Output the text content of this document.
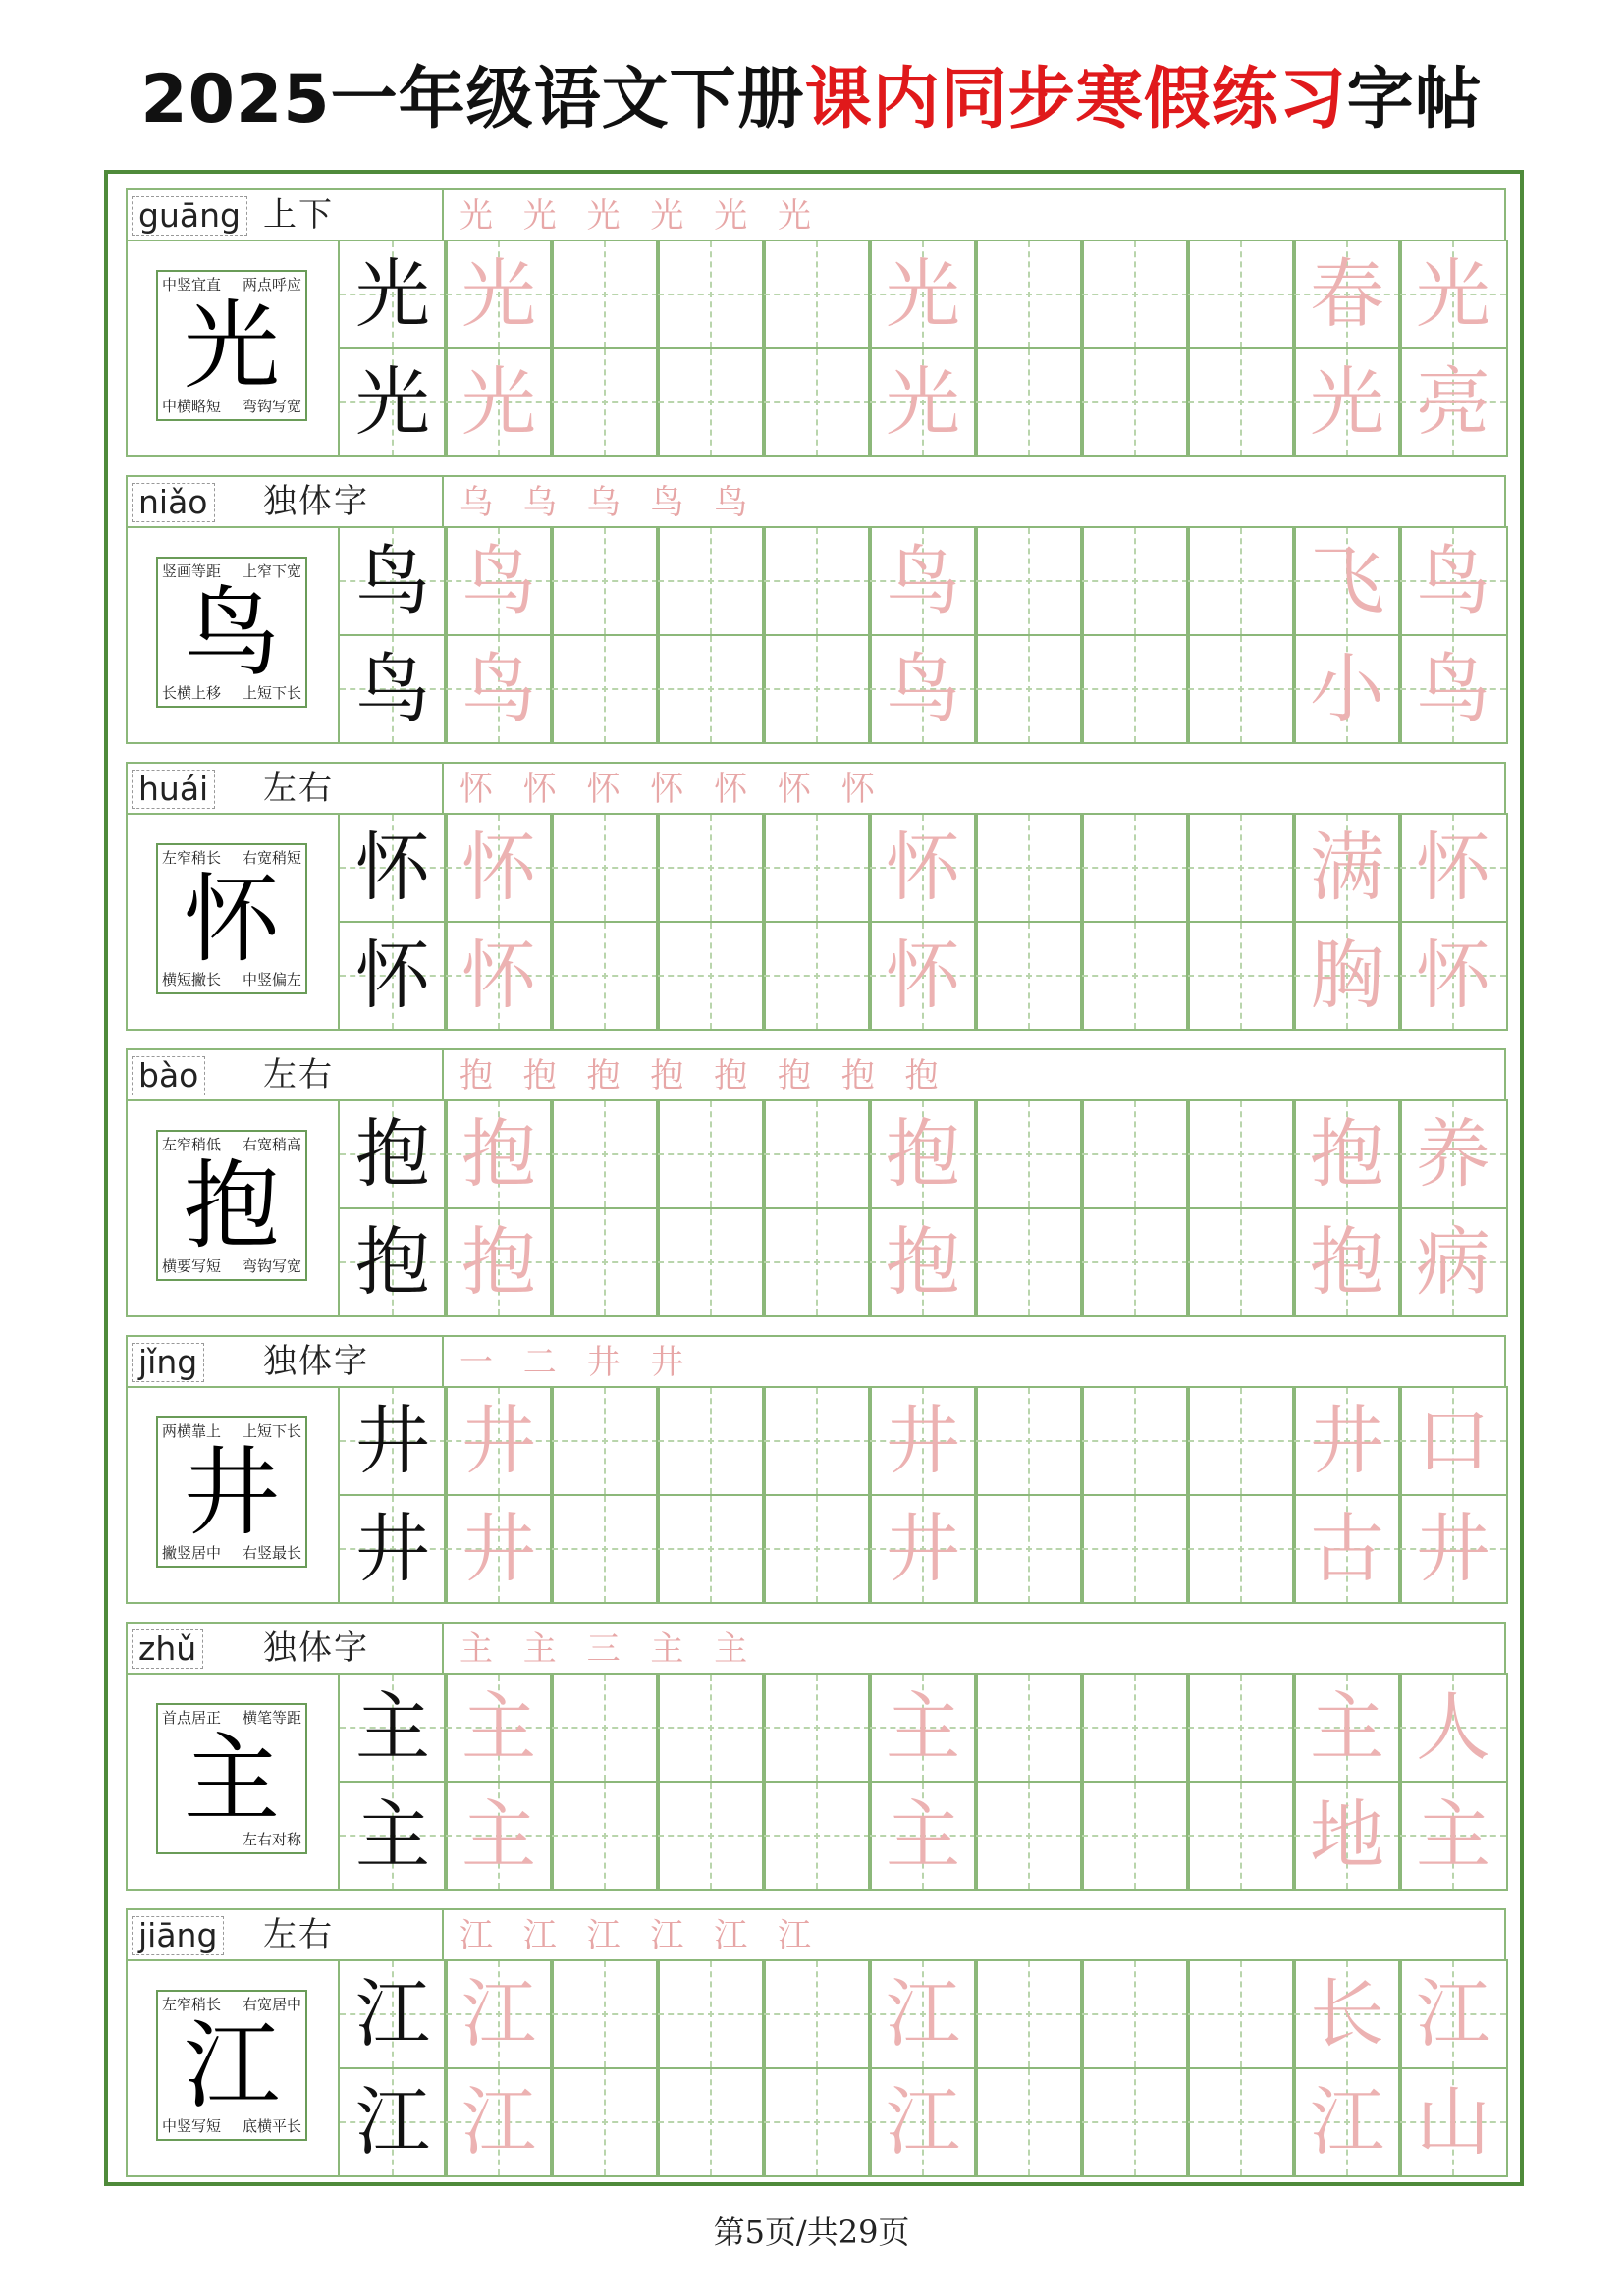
2025一年级语文下册课内同步寒假练习字帖
guāng 上下	光 光 光 光 光 光
中竖宜直 两点呼应
光
中横略短 弯钩写宽
光 光	光	春 光
光 光	光	光 亮
niǎo 独体字	乌 乌 乌 鸟 鸟
竖画等距 上窄下宽
鸟
长横上移 上短下长
鸟 鸟	鸟	飞 鸟
鸟 鸟	鸟	小 鸟
huái 左右	怀 怀 怀 怀 怀 怀 怀
左窄稍长 右宽稍短
怀
横短撇长 中竖偏左
怀 怀	怀	满 怀
怀 怀	怀	胸 怀
bào 左右	抱 抱 抱 抱 抱 抱 抱 抱
左窄稍低 右宽稍高
抱
横要写短 弯钩写宽
抱 抱	抱	抱 养
抱 抱	抱	抱 病
jǐng 独体字	一 二 井 井
两横靠上 上短下长
井
撇竖居中 右竖最长
井 井	井	井 口
井 井	井	古 井
zhǔ 独体字	主 主 三 主 主
首点居正 横笔等距
主
左右对称
主 主	主	主 人
主 主	主	地 主
jiāng 左右	江 江 江 江 江 江
左窄稍长 右宽居中
江
中竖写短 底横平长
江 江	江	长 江
江 江	江	江 山
第5页/共29页
